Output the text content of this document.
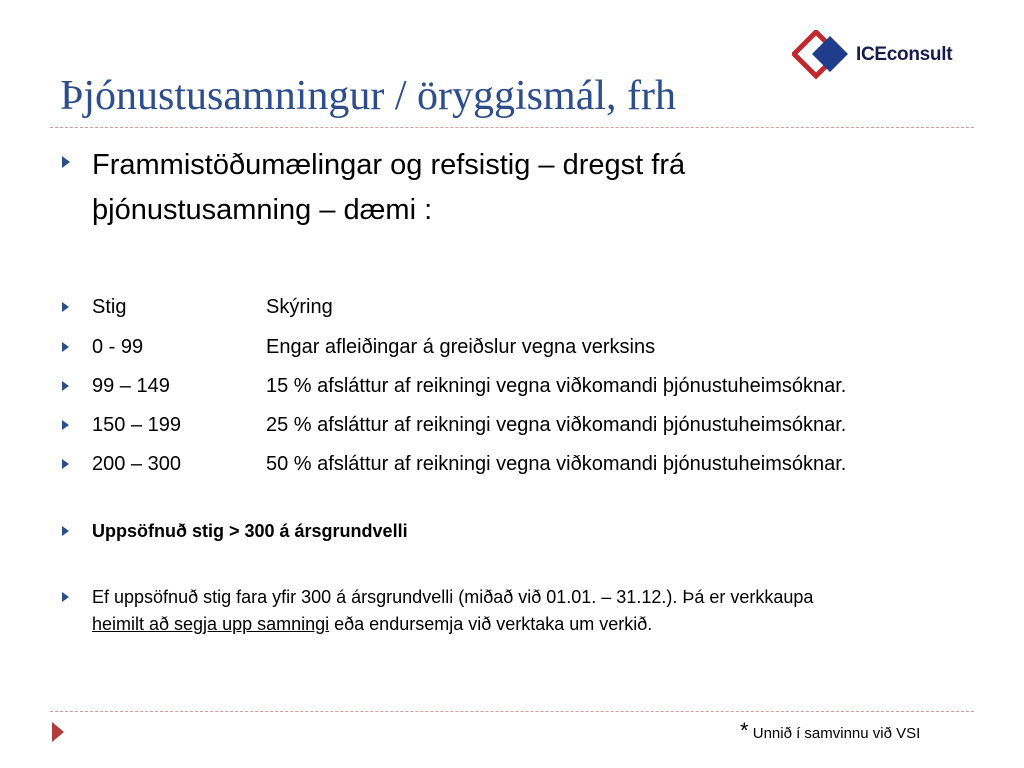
ICEconsult
Þjónustusamningur / öryggismál, frh
Frammistöðumælingar og refsistig – dregst frá
þjónustusamning – dæmi :
Stig	Skýring
0 - 99	Engar afleiðingar á greiðslur vegna verksins
99 – 149	15 % afsláttur af reikningi vegna viðkomandi þjónustuheimsóknar.
150 – 199	25 % afsláttur af reikningi vegna viðkomandi þjónustuheimsóknar.
200 – 300	50 % afsláttur af reikningi vegna viðkomandi þjónustuheimsóknar.
Uppsöfnuð stig > 300 á ársgrundvelli
Ef uppsöfnuð stig fara yfir 300 á ársgrundvelli (miðað við 01.01. – 31.12.). Þá er verkkaupa
heimilt að segja upp samningi eða endursemja við verktaka um verkið.
* Unnið í samvinnu við VSI
